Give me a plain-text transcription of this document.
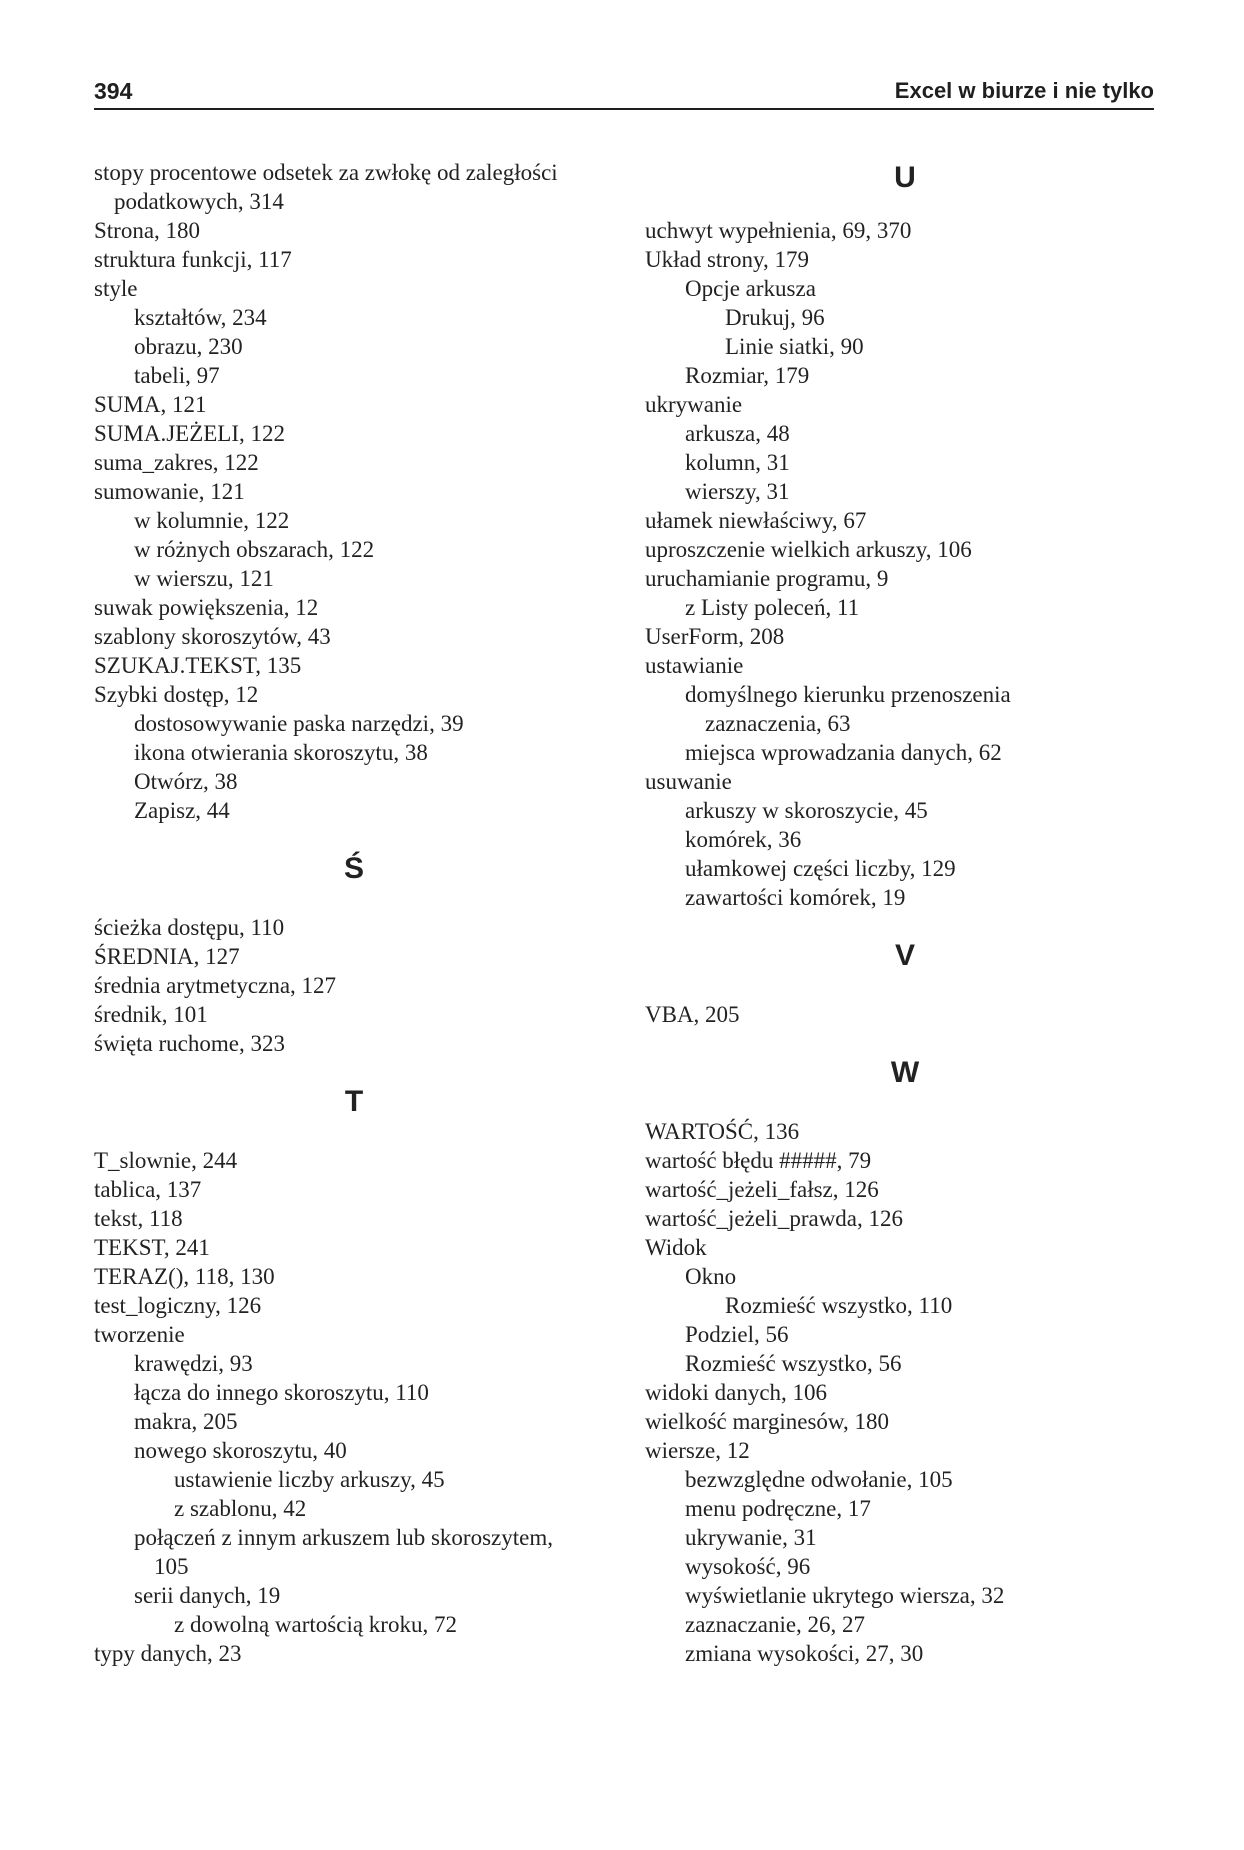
394	Excel w biurze i nie tylko
stopy procentowe odsetek za zwłokę od zaległości
podatkowych, 314
Strona, 180
struktura funkcji, 117
style
kształtów, 234
obrazu, 230
tabeli, 97
SUMA, 121
SUMA.JEŻELI, 122
suma_zakres, 122
sumowanie, 121
w kolumnie, 122
w różnych obszarach, 122
w wierszu, 121
suwak powiększenia, 12
szablony skoroszytów, 43
SZUKAJ.TEKST, 135
Szybki dostęp, 12
dostosowywanie paska narzędzi, 39
ikona otwierania skoroszytu, 38
Otwórz, 38
Zapisz, 44
Ś
ścieżka dostępu, 110
ŚREDNIA, 127
średnia arytmetyczna, 127
średnik, 101
święta ruchome, 323
T
T_slownie, 244
tablica, 137
tekst, 118
TEKST, 241
TERAZ(), 118, 130
test_logiczny, 126
tworzenie
krawędzi, 93
łącza do innego skoroszytu, 110
makra, 205
nowego skoroszytu, 40
ustawienie liczby arkuszy, 45
z szablonu, 42
połączeń z innym arkuszem lub skoroszytem,
105
serii danych, 19
z dowolną wartością kroku, 72
typy danych, 23
U
uchwyt wypełnienia, 69, 370
Układ strony, 179
Opcje arkusza
Drukuj, 96
Linie siatki, 90
Rozmiar, 179
ukrywanie
arkusza, 48
kolumn, 31
wierszy, 31
ułamek niewłaściwy, 67
uproszczenie wielkich arkuszy, 106
uruchamianie programu, 9
z Listy poleceń, 11
UserForm, 208
ustawianie
domyślnego kierunku przenoszenia
zaznaczenia, 63
miejsca wprowadzania danych, 62
usuwanie
arkuszy w skoroszycie, 45
komórek, 36
ułamkowej części liczby, 129
zawartości komórek, 19
V
VBA, 205
W
WARTOŚĆ, 136
wartość błędu #####, 79
wartość_jeżeli_fałsz, 126
wartość_jeżeli_prawda, 126
Widok
Okno
Rozmieść wszystko, 110
Podziel, 56
Rozmieść wszystko, 56
widoki danych, 106
wielkość marginesów, 180
wiersze, 12
bezwzględne odwołanie, 105
menu podręczne, 17
ukrywanie, 31
wysokość, 96
wyświetlanie ukrytego wiersza, 32
zaznaczanie, 26, 27
zmiana wysokości, 27, 30
